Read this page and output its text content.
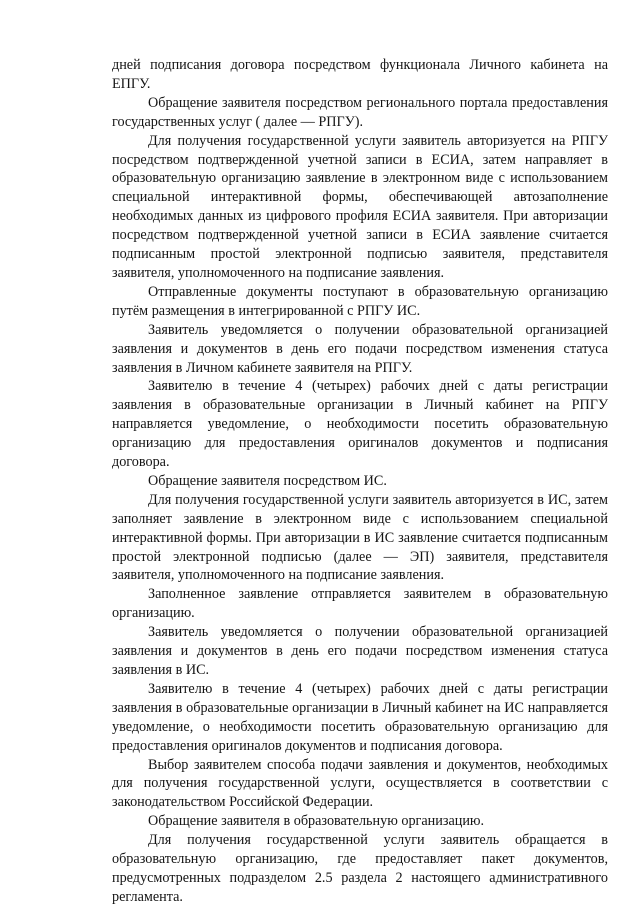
дней подписания договора посредством функционала Личного кабинета на ЕПГУ.

Обращение заявителя посредством регионального портала предоставления государственных услуг ( далее — РПГУ).

Для получения государственной услуги заявитель авторизуется на РПГУ посредством подтвержденной учетной записи в ЕСИА, затем направляет в образовательную организацию заявление в электронном виде с использованием специальной интерактивной формы, обеспечивающей автозаполнение необходимых данных из цифрового профиля ЕСИА заявителя. При авторизации посредством подтвержденной учетной записи в ЕСИА заявление считается подписанным простой электронной подписью заявителя, представителя заявителя, уполномоченного на подписание заявления.

Отправленные документы поступают в образовательную организацию путём размещения в интегрированной с РПГУ ИС.

Заявитель уведомляется о получении образовательной организацией заявления и документов в день его подачи посредством изменения статуса заявления в Личном кабинете заявителя на РПГУ.

Заявителю в течение 4 (четырех) рабочих дней с даты регистрации заявления в образовательные организации в Личный кабинет на РПГУ направляется уведомление, о необходимости посетить образовательную организацию для предоставления оригиналов документов и подписания договора.

Обращение заявителя посредством ИС.

Для получения государственной услуги заявитель авторизуется в ИС, затем заполняет заявление в электронном виде с использованием специальной интерактивной формы. При авторизации в ИС заявление считается подписанным простой электронной подписью (далее — ЭП) заявителя, представителя заявителя, уполномоченного на подписание заявления.

Заполненное заявление отправляется заявителем в образовательную организацию.

Заявитель уведомляется о получении образовательной организацией заявления и документов в день его подачи посредством изменения статуса заявления в ИС.

Заявителю в течение 4 (четырех) рабочих дней с даты регистрации заявления в образовательные организации в Личный кабинет на ИС направляется уведомление, о необходимости посетить образовательную организацию для предоставления оригиналов документов и подписания договора.

Выбор заявителем способа подачи заявления и документов, необходимых для получения государственной услуги, осуществляется в соответствии с законодательством Российской Федерации.

Обращение заявителя в образовательную организацию.

Для получения государственной услуги заявитель обращается в образовательную организацию, где предоставляет пакет документов, предусмотренных подразделом 2.5 раздела 2 настоящего административного регламента.
